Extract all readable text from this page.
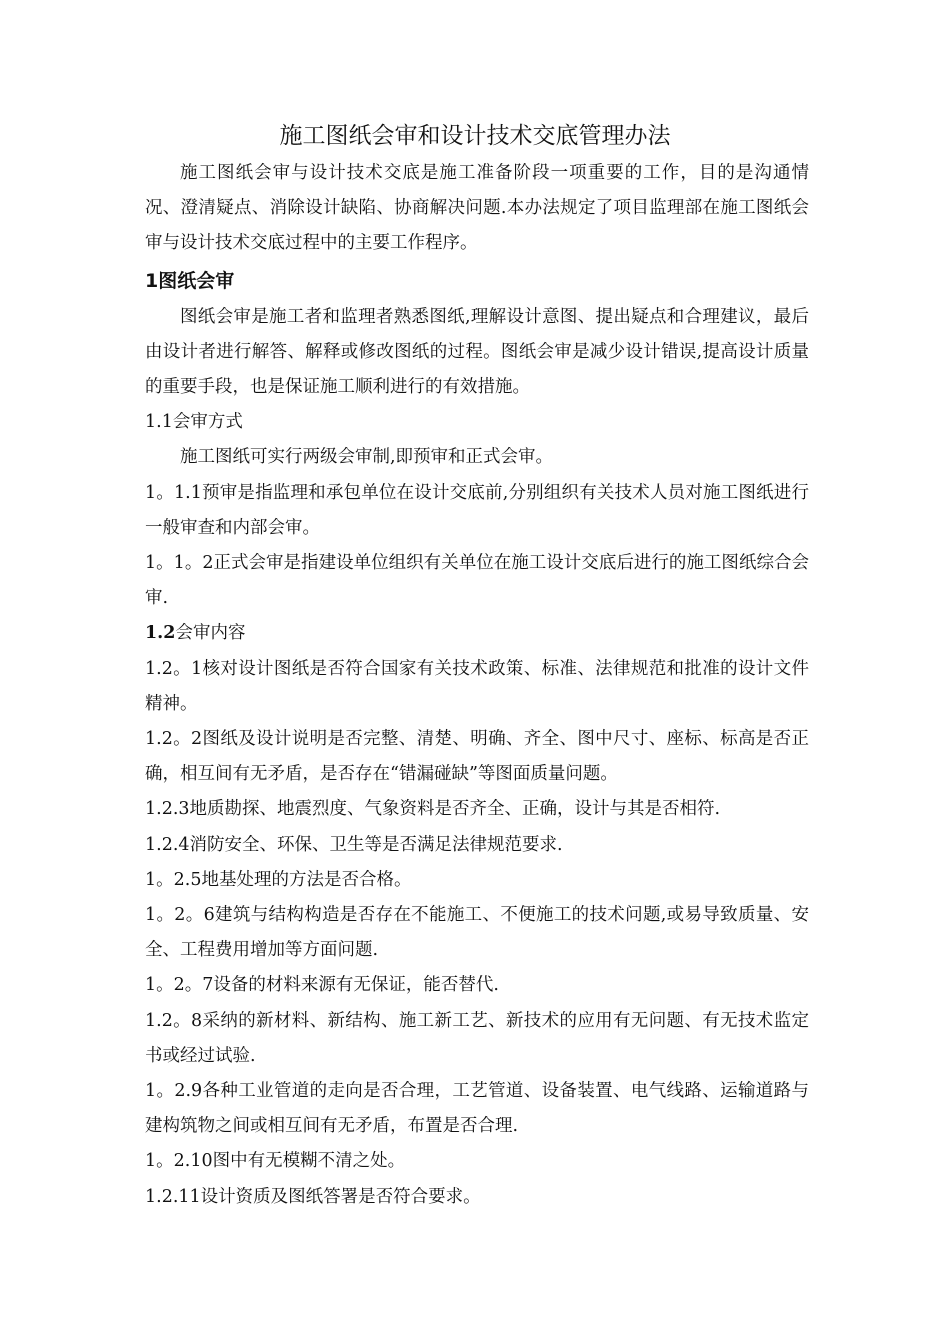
施工图纸会审和设计技术交底管理办法

施工图纸会审与设计技术交底是施工准备阶段一项重要的工作，目的是沟通情况、澄清疑点、消除设计缺陷、协商解决问题.本办法规定了项目监理部在施工图纸会审与设计技术交底过程中的主要工作程序。

1图纸会审

图纸会审是施工者和监理者熟悉图纸,理解设计意图、提出疑点和合理建议，最后由设计者进行解答、解释或修改图纸的过程。图纸会审是减少设计错误,提高设计质量的重要手段，也是保证施工顺利进行的有效措施。

1.1会审方式

施工图纸可实行两级会审制,即预审和正式会审。

1。1.1预审是指监理和承包单位在设计交底前,分别组织有关技术人员对施工图纸进行一般审查和内部会审。

1。1。2正式会审是指建设单位组织有关单位在施工设计交底后进行的施工图纸综合会审.

1.2会审内容

1.2。1核对设计图纸是否符合国家有关技术政策、标准、法律规范和批准的设计文件精神。

1.2。2图纸及设计说明是否完整、清楚、明确、齐全、图中尺寸、座标、标高是否正确，相互间有无矛盾，是否存在“错漏碰缺”等图面质量问题。

1.2.3地质勘探、地震烈度、气象资料是否齐全、正确，设计与其是否相符.

1.2.4消防安全、环保、卫生等是否满足法律规范要求.

1。2.5地基处理的方法是否合格。

1。2。6建筑与结构构造是否存在不能施工、不便施工的技术问题,或易导致质量、安全、工程费用增加等方面问题.

1。2。7设备的材料来源有无保证，能否替代.

1.2。8采纳的新材料、新结构、施工新工艺、新技术的应用有无问题、有无技术监定书或经过试验.

1。2.9各种工业管道的走向是否合理，工艺管道、设备装置、电气线路、运输道路与建构筑物之间或相互间有无矛盾，布置是否合理.

1。2.10图中有无模糊不清之处。

1.2.11设计资质及图纸答署是否符合要求。
